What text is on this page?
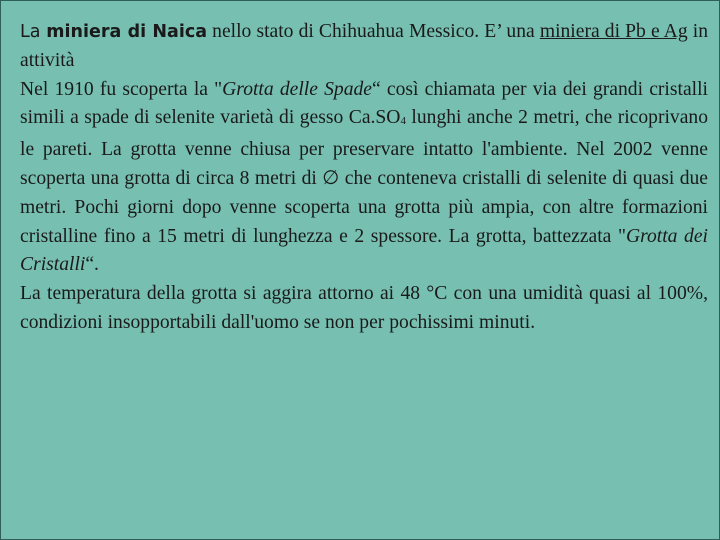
La miniera di Naica nello stato di Chihuahua Messico. E’ una miniera di Pb e Ag in attività

Nel 1910 fu scoperta la "Grotta delle Spade“ così chiamata per via dei grandi cristalli simili a spade di selenite varietà di gesso $Ca.SO_4$ lunghi anche 2 metri, che ricoprivano le pareti. La grotta venne chiusa per preservare intatto l'ambiente. Nel 2002 venne scoperta una grotta di circa 8 metri di ∅ che conteneva cristalli di selenite di quasi due metri. Pochi giorni dopo venne scoperta una grotta più ampia, con altre formazioni cristalline fino a 15 metri di lunghezza e 2 spessore. La grotta, battezzata "Grotta dei Cristalli“.

La temperatura della grotta si aggira attorno ai 48 °C con una umidità quasi al 100%, condizioni insopportabili dall'uomo se non per pochissimi minuti.
